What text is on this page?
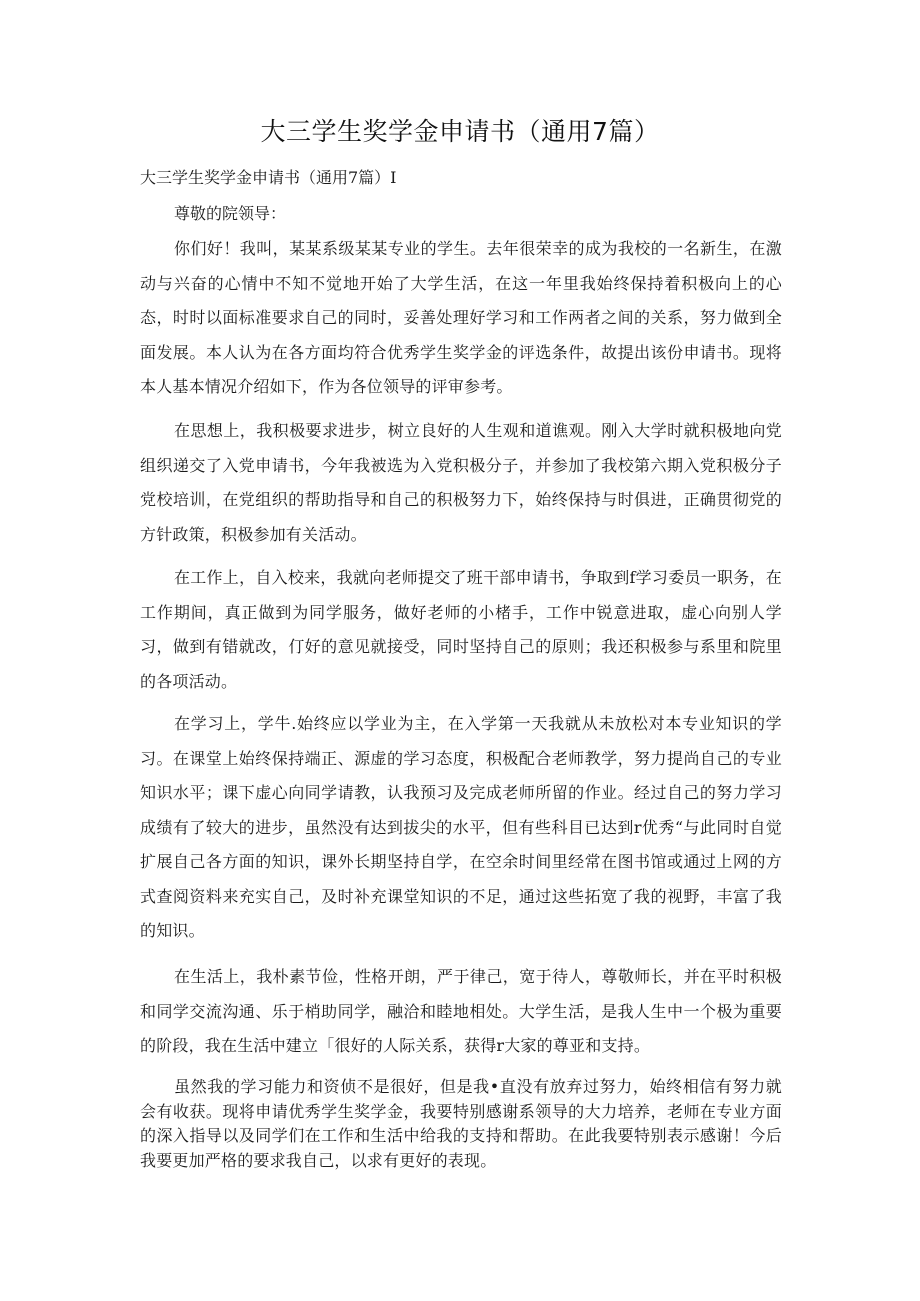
大三学生奖学金申请书（通用7篇）
大三学生奖学金申请书（通用7篇）I
尊敬的院领导：

你们好！我叫，某某系级某某专业的学生。去年很荣幸的成为我校的一名新生，在激动与兴奋的心情中不知不觉地开始了大学生活，在这一年里我始终保持着积极向上的心态，时时以面标准要求自己的同时，妥善处理好学习和工作两者之间的关系，努力做到全面发展。本人认为在各方面均符合优秀学生奖学金的评选条件，故提出该份申请书。现将本人基本情况介绍如下，作为各位领导的评审参考。

在思想上，我积极要求进步，树立良好的人生观和道谯观。刚入大学时就积极地向党组织递交了入党申请书，今年我被选为入党积极分子，并参加了我校第六期入党积极分子党校培训，在党组织的帮助指导和自己的积极努力下，始终保持与时俱进，正确贯彻党的方针政策，积极参加有关活动。

在工作上，自入校来，我就向老师提交了班干部申请书，争取到f学习委员一职务，在工作期间，真正做到为同学服务，做好老师的小楮手，工作中锐意进取，虚心向别人学习，做到有错就改，仃好的意见就接受，同时坚持自己的原则；我还积极参与系里和院里的各项活动。

在学习上，学牛.始终应以学业为主，在入学第一天我就从未放松对本专业知识的学习。在课堂上始终保持端正、源虚的学习态度，积极配合老师教学，努力提尚自己的专业知识水平；课下虚心向同学请教，认我预习及完成老师所留的作业。经过自己的努力学习成绩有了较大的进步，虽然没有达到拔尖的水平，但有些科目已达到r优秀“与此同时自觉扩展自己各方面的知识，课外长期坚持自学，在空余时间里经常在图书馆或通过上网的方式查阅资料来充实自己，及时补充课堂知识的不足，通过这些拓宽了我的视野，丰富了我的知识。

在生活上，我朴素节俭，性格开朗，严于律己，宽于待人，尊敬师长，并在平时积极和同学交流沟通、乐于梢助同学，融洽和睦地相处。大学生活，是我人生中一个极为重要的阶段，我在生活中建立「很好的人际关系，获得r大家的尊亚和支持。

虽然我的学习能力和资侦不是很好，但是我•直没有放弃过努力，始终相信有努力就会有收获。现将申请优秀学生奖学金，我要特别感谢系领导的大力培养，老师在专业方面的深入指导以及同学们在工作和生活中给我的支持和帮助。在此我要特别表示感谢！今后我要更加严格的要求我自己，以求有更好的表现。
